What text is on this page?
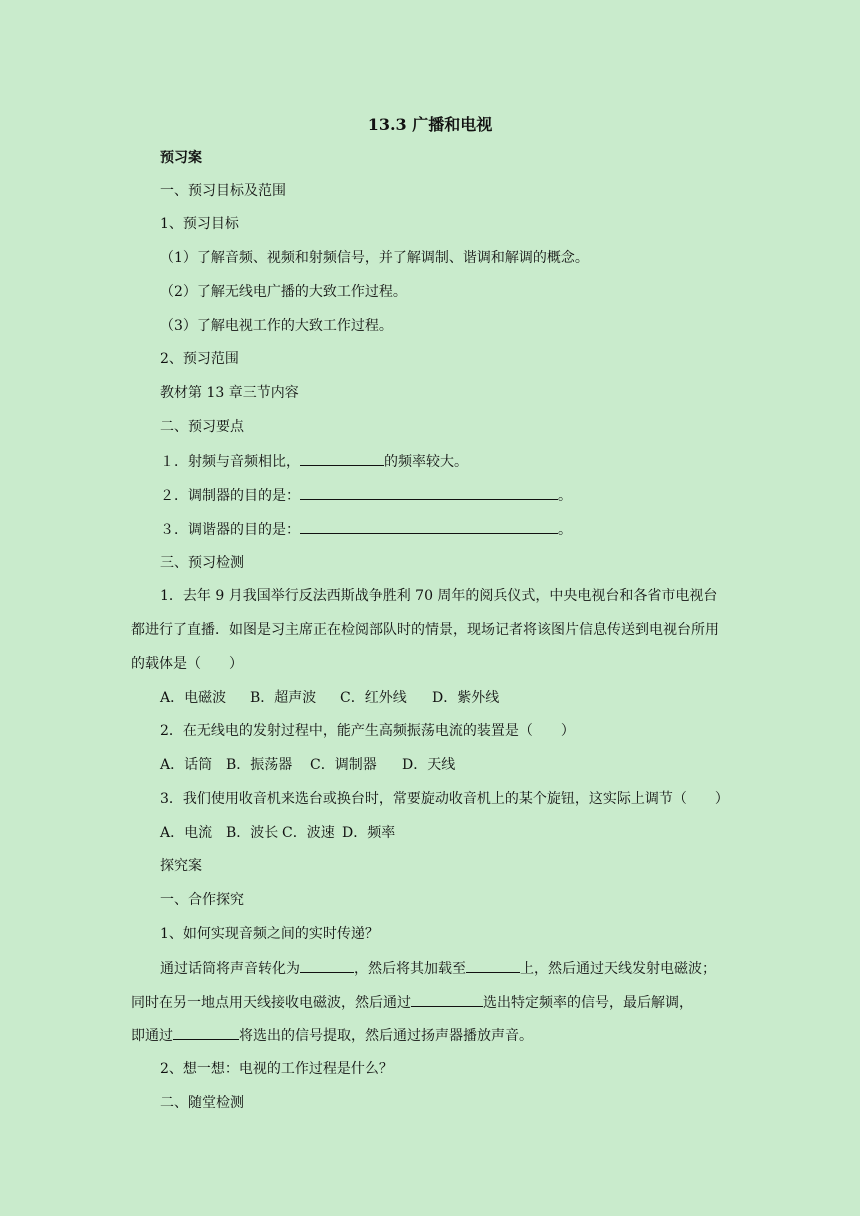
13.3 广播和电视
预习案
一、预习目标及范围
1、预习目标
（1）了解音频、视频和射频信号，并了解调制、谐调和解调的概念。
（2）了解无线电广播的大致工作过程。
（3）了解电视工作的大致工作过程。
2、预习范围
教材第 13 章三节内容
二、预习要点
１．射频与音频相比，	的频率较大。
２．调制器的目的是：	。
３．调谐器的目的是：	。
三、预习检测
1．去年 9 月我国举行反法西斯战争胜利 70 周年的阅兵仪式，中央电视台和各省市电视台
都进行了直播．如图是习主席正在检阅部队时的情景，现场记者将该图片信息传送到电视台所用
的载体是（　　）
A．电磁波 B．超声波 C．红外线 D．紫外线
2．在无线电的发射过程中，能产生高频振荡电流的装置是（　　）
A．话筒 B．振荡器 C．调制器 D．天线
3．我们使用收音机来选台或换台时，常要旋动收音机上的某个旋钮，这实际上调节（　　）
A．电流 B．波长 C．波速 D．频率
探究案
一、合作探究
1、如何实现音频之间的实时传递？
通过话筒将声音转化为	，然后将其加载至	上，然后通过天线发射电磁波；
同时在另一地点用天线接收电磁波，然后通过	选出特定频率的信号，最后解调，
即通过	将选出的信号提取，然后通过扬声器播放声音。
2、想一想：电视的工作过程是什么？
二、随堂检测
